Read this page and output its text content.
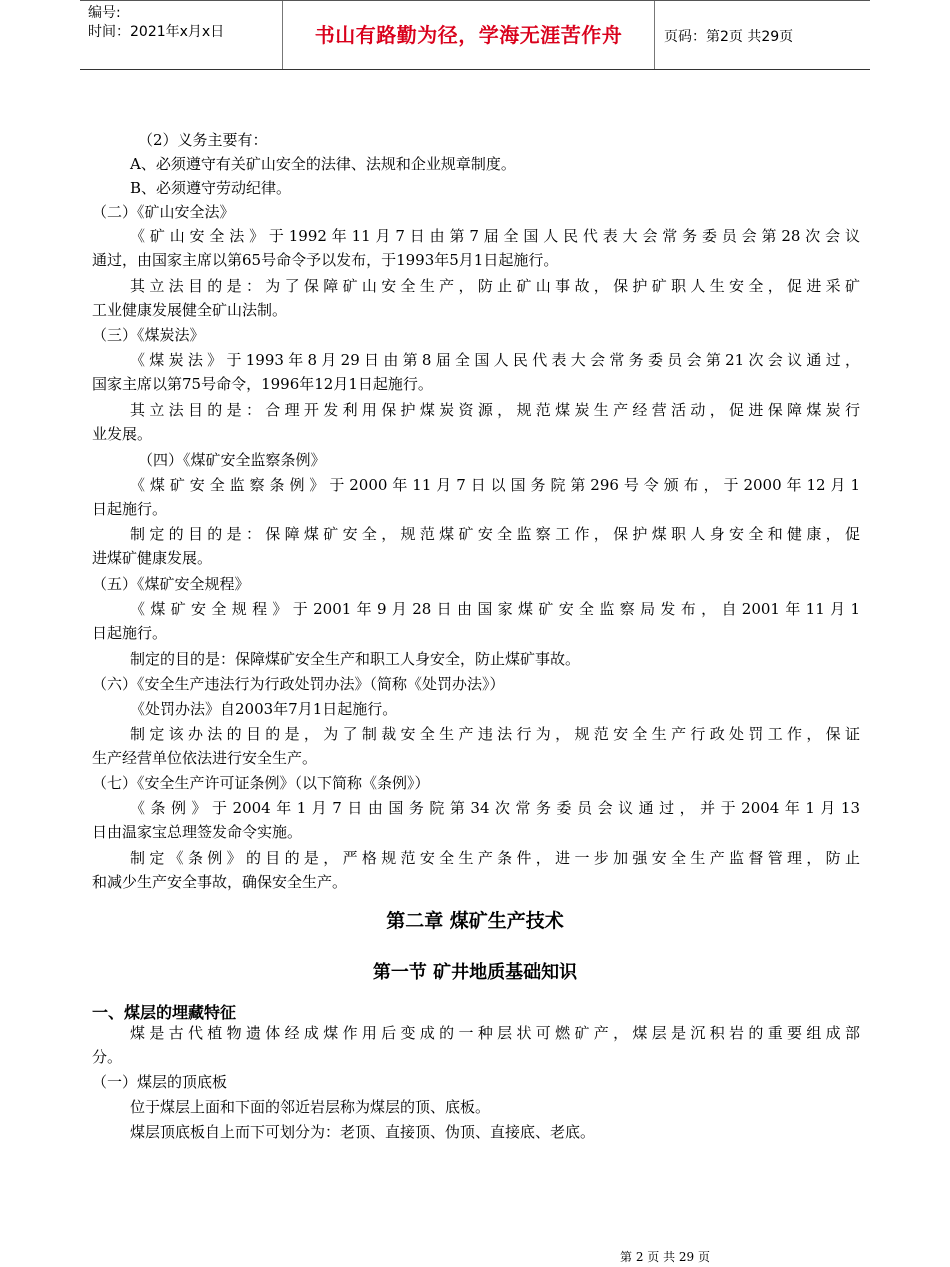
编号:
时间：2021年x月x日	书山有路勤为径，学海无涯苦作舟	页码：第2页 共29页
（2）义务主要有：
A、必须遵守有关矿山安全的法律、法规和企业规章制度。
B、必须遵守劳动纪律。
（二）《矿山安全法》
《矿山安全法》于1992年11月7日由第7届全国人民代表大会常务委员会第28次会议
通过，由国家主席以第65号命令予以发布，于1993年5月1日起施行。
其立法目的是：为了保障矿山安全生产，防止矿山事故，保护矿职人生安全，促进采矿
工业健康发展健全矿山法制。
（三）《煤炭法》
《煤炭法》于1993年8月29日由第8届全国人民代表大会常务委员会第21次会议通过，
国家主席以第75号命令，1996年12月1日起施行。
其立法目的是：合理开发利用保护煤炭资源，规范煤炭生产经营活动，促进保障煤炭行
业发展。
（四）《煤矿安全监察条例》
《煤矿安全监察条例》于2000年11月7日以国务院第296号令颁布，于2000年12月1
日起施行。
制定的目的是：保障煤矿安全，规范煤矿安全监察工作，保护煤职人身安全和健康，促
进煤矿健康发展。
（五）《煤矿安全规程》
《煤矿安全规程》于2001年9月28日由国家煤矿安全监察局发布，自2001年11月1
日起施行。
制定的目的是：保障煤矿安全生产和职工人身安全，防止煤矿事故。
（六）《安全生产违法行为行政处罚办法》（简称《处罚办法》）
《处罚办法》自2003年7月1日起施行。
制定该办法的目的是，为了制裁安全生产违法行为，规范安全生产行政处罚工作，保证
生产经营单位依法进行安全生产。
（七）《安全生产许可证条例》（以下简称《条例》）
《条例》于2004年1月7日由国务院第34次常务委员会议通过，并于2004年1月13
日由温家宝总理签发命令实施。
制定《条例》的目的是，严格规范安全生产条件，进一步加强安全生产监督管理，防止
和减少生产安全事故，确保安全生产。
第二章 煤矿生产技术
第一节 矿井地质基础知识
一、煤层的埋藏特征
煤是古代植物遗体经成煤作用后变成的一种层状可燃矿产，煤层是沉积岩的重要组成部
分。
（一）煤层的顶底板
位于煤层上面和下面的邻近岩层称为煤层的顶、底板。
煤层顶底板自上而下可划分为：老顶、直接顶、伪顶、直接底、老底。
第 2 页 共 29 页
